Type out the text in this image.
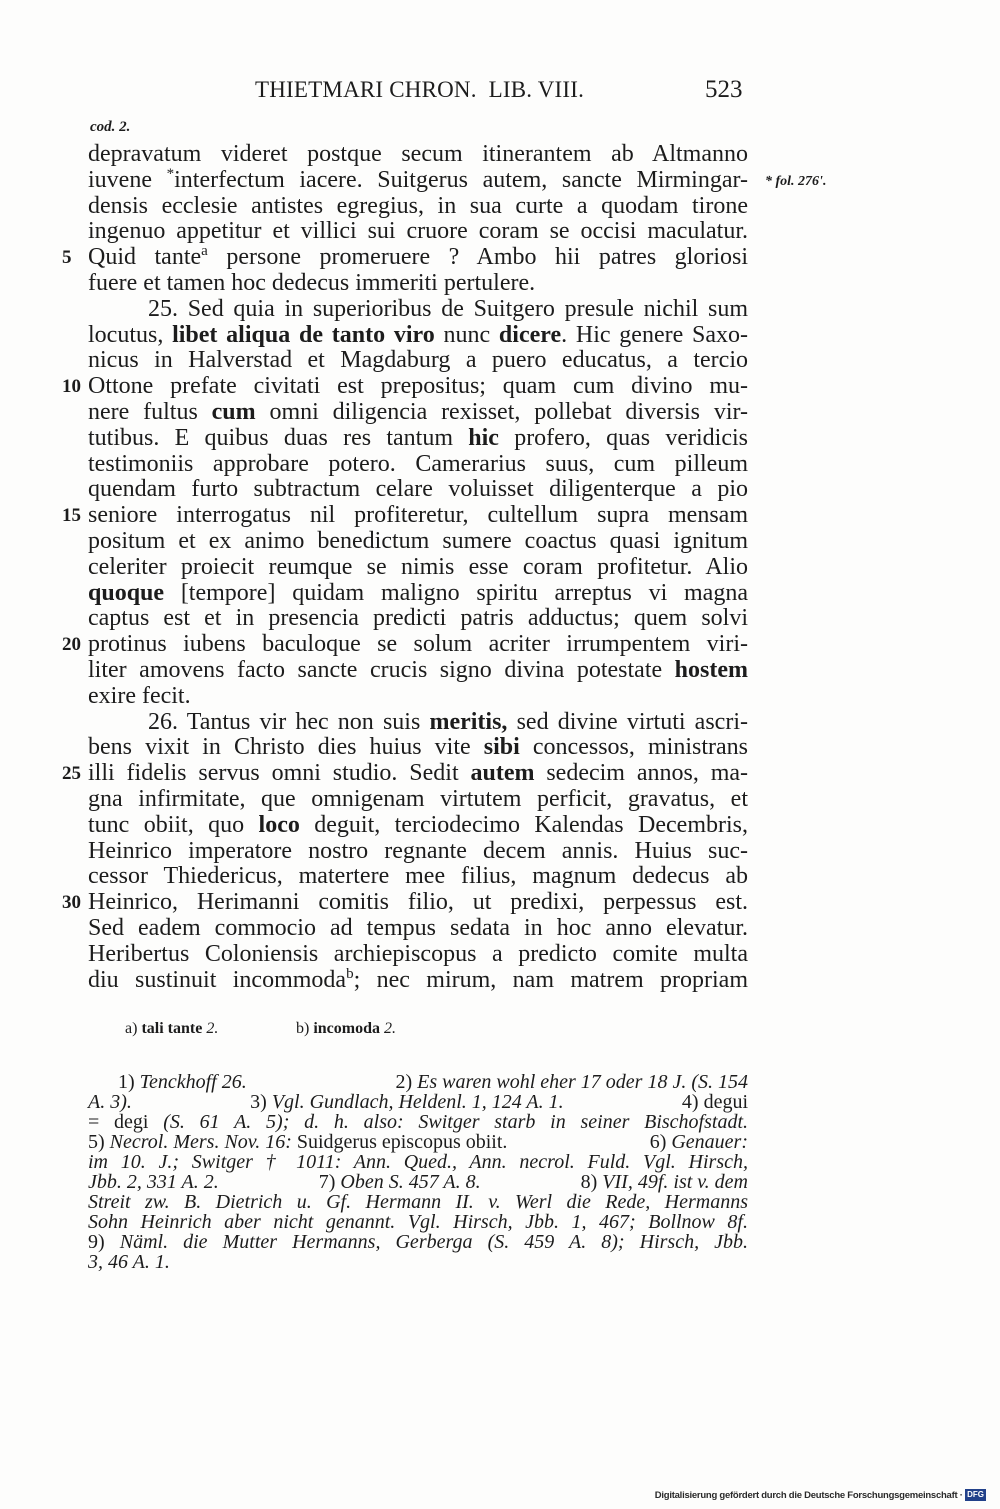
THIETMARI CHRON.  LIB. VIII.	523
cod. 2.
depravatum videret postque secum itinerantem ab Altmanno
iuvene *interfectum iacere. Suitgerus autem, sancte Mirmingar- * fol. 276'.
densis ecclesie antistes egregius, in sua curte a quodam tirone
ingenuo appetitur et villici sui cruore coram se occisi maculatur.
5 Quid tante$^a$ persone promeruere ? Ambo hii patres gloriosi
fuere et tamen hoc dedecus immeriti pertulere.
25. Sed quia in superioribus de Suitgero presule nichil sum
locutus, libet aliqua de tanto viro nunc dicere. Hic genere Saxo-
nicus in Halverstad et Magdaburg a puero educatus, a tercio
10 Ottone prefate civitati est prepositus; quam cum divino mu-
nere fultus cum omni diligencia rexisset, pollebat diversis vir-
tutibus. E quibus duas res tantum hic profero, quas veridicis
testimoniis approbare potero. Camerarius suus, cum pilleum
quendam furto subtractum celare voluisset diligenterque a pio
15 seniore interrogatus nil profiteretur, cultellum supra mensam
positum et ex animo benedictum sumere coactus quasi ignitum
celeriter proiecit reumque se nimis esse coram profitetur. Alio
quoque [tempore] quidam maligno spiritu arreptus vi magna
captus est et in presencia predicti patris adductus; quem solvi
20 protinus iubens baculoque se solum acriter irrumpentem viri-
liter amovens facto sancte crucis signo divina potestate hostem
exire fecit.
26. Tantus vir hec non suis meritis, sed divine virtuti ascri-
bens vixit in Christo dies huius vite sibi concessos, ministrans
25 illi fidelis servus omni studio. Sedit autem sedecim annos, ma-
gna infirmitate, que omnigenam virtutem perficit, gravatus, et
tunc obiit, quo loco deguit, terciodecimo Kalendas Decembris,
Heinrico imperatore nostro regnante decem annis. Huius suc-
cessor Thiedericus, matertere mee filius, magnum dedecus ab
30 Heinrico, Herimanni comitis filio, ut predixi, perpessus est.
Sed eadem commocio ad tempus sedata in hoc anno elevatur.
Heribertus Coloniensis archiepiscopus a predicto comite multa
diu sustinuit incommoda$^b$; nec mirum, nam matrem propriam
a) tali tante 2.	b) incomoda 2.
1) Tenckhoff 26.	2) Es waren wohl eher 17 oder 18 J. (S. 154
A. 3).	3) Vgl. Gundlach, Heldenl. 1, 124 A. 1.	4) degui
= degi (S. 61 A. 5); d. h. also: Switger starb in seiner Bischofstadt.
5) Necrol. Mers. Nov. 16: Suidgerus episcopus obiit.	6) Genauer:
im 10. J.; Switger † 1011: Ann. Qued., Ann. necrol. Fuld. Vgl. Hirsch,
Jbb. 2, 331 A. 2.	7) Oben S. 457 A. 8.	8) VII, 49f. ist v. dem
Streit zw. B. Dietrich u. Gf. Hermann II. v. Werl die Rede, Hermanns
Sohn Heinrich aber nicht genannt. Vgl. Hirsch, Jbb. 1, 467; Bollnow 8f.
9) Näml. die Mutter Hermanns, Gerberga (S. 459 A. 8); Hirsch, Jbb.
3, 46 A. 1.
Digitalisierung gefördert durch die Deutsche Forschungsgemeinschaft · DFG
